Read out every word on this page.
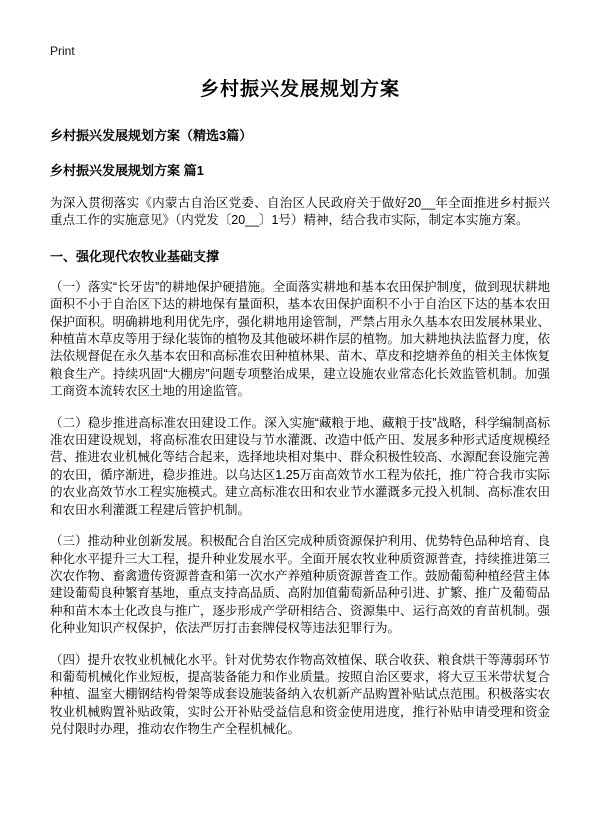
Print
乡村振兴发展规划方案
乡村振兴发展规划方案（精选3篇）
乡村振兴发展规划方案 篇1

为深入贯彻落实《内蒙古自治区党委、自治区人民政府关于做好20__年全面推进乡村振兴重点工作的实施意见》（内党发〔20__〕1号）精神，结合我市实际，制定本实施方案。

一、强化现代农牧业基础支撑

（一）落实“长牙齿”的耕地保护硬措施。全面落实耕地和基本农田保护制度，做到现状耕地面积不小于自治区下达的耕地保有量面积，基本农田保护面积不小于自治区下达的基本农田保护面积。明确耕地利用优先序，强化耕地用途管制，严禁占用永久基本农田发展林果业、种植苗木草皮等用于绿化装饰的植物及其他破坏耕作层的植物。加大耕地执法监督力度，依法依规督促在永久基本农田和高标准农田种植林果、苗木、草皮和挖塘养鱼的相关主体恢复粮食生产。持续巩固“大棚房”问题专项整治成果，建立设施农业常态化长效监管机制。加强工商资本流转农区土地的用途监管。

（二）稳步推进高标准农田建设工作。深入实施“藏粮于地、藏粮于技”战略，科学编制高标准农田建设规划，将高标准农田建设与节水灌溉、改造中低产田、发展多种形式适度规模经营、推进农业机械化等结合起来，选择地块相对集中、群众积极性较高、水源配套设施完善的农田，循序渐进，稳步推进。以乌达区1.25万亩高效节水工程为依托，推广符合我市实际的农业高效节水工程实施模式。建立高标准农田和农业节水灌溉多元投入机制、高标准农田和农田水利灌溉工程建后管护机制。

（三）推动种业创新发展。积极配合自治区完成种质资源保护利用、优势特色品种培育、良种化水平提升三大工程，提升种业发展水平。全面开展农牧业种质资源普查，持续推进第三次农作物、畜禽遗传资源普查和第一次水产养殖种质资源普查工作。鼓励葡萄种植经营主体建设葡萄良种繁育基地，重点支持高品质、高附加值葡萄新品种引进、扩繁、推广及葡萄品种和苗木本土化改良与推广，逐步形成产学研相结合、资源集中、运行高效的育苗机制。强化种业知识产权保护，依法严厉打击套牌侵权等违法犯罪行为。

（四）提升农牧业机械化水平。针对优势农作物高效植保、联合收获、粮食烘干等薄弱环节和葡萄机械化作业短板，提高装备能力和作业质量。按照自治区要求，将大豆玉米带状复合种植、温室大棚钢结构骨架等成套设施装备纳入农机新产品购置补贴试点范围。积极落实农牧业机械购置补贴政策，实时公开补贴受益信息和资金使用进度，推行补贴申请受理和资金兑付限时办理，推动农作物生产全程机械化。
